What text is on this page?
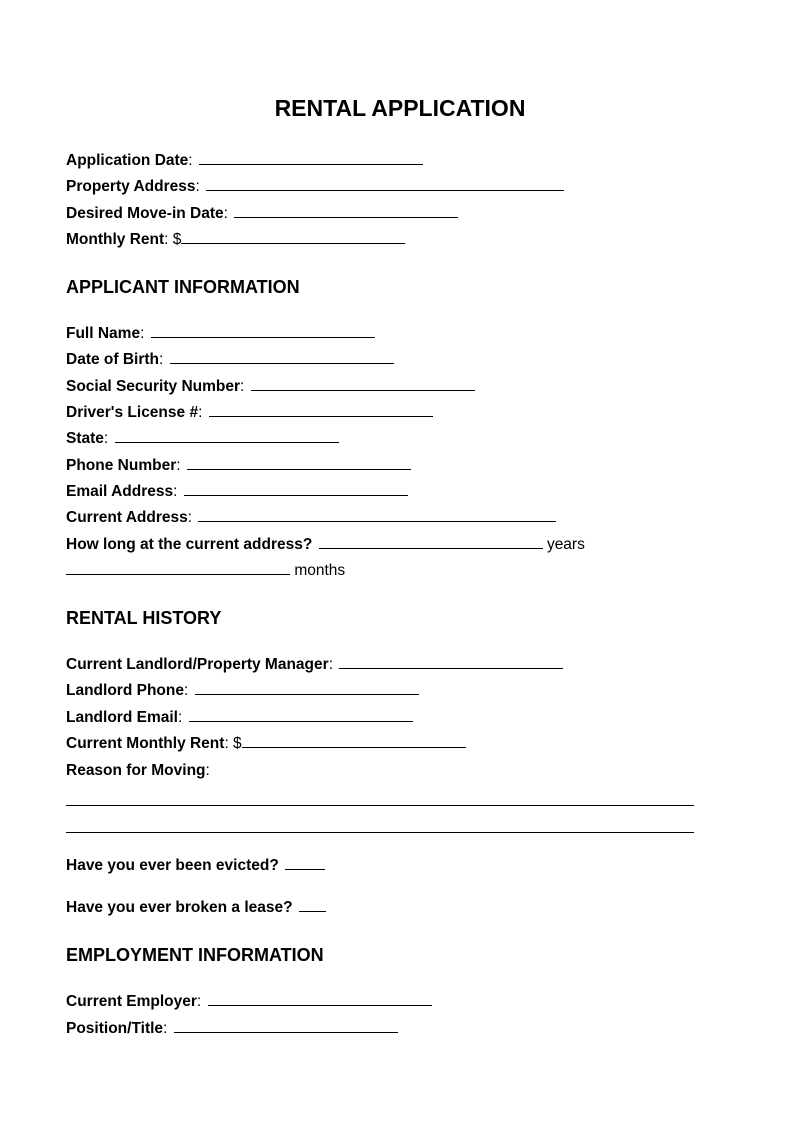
RENTAL APPLICATION
Application Date:
Property Address:
Desired Move-in Date:
Monthly Rent: $
APPLICANT INFORMATION
Full Name:
Date of Birth:
Social Security Number:
Driver's License #:
State:
Phone Number:
Email Address:
Current Address:
How long at the current address?	years
months
RENTAL HISTORY
Current Landlord/Property Manager:
Landlord Phone:
Landlord Email:
Current Monthly Rent: $
Reason for Moving:
Have you ever been evicted?
Have you ever broken a lease?
EMPLOYMENT INFORMATION
Current Employer:
Position/Title:
